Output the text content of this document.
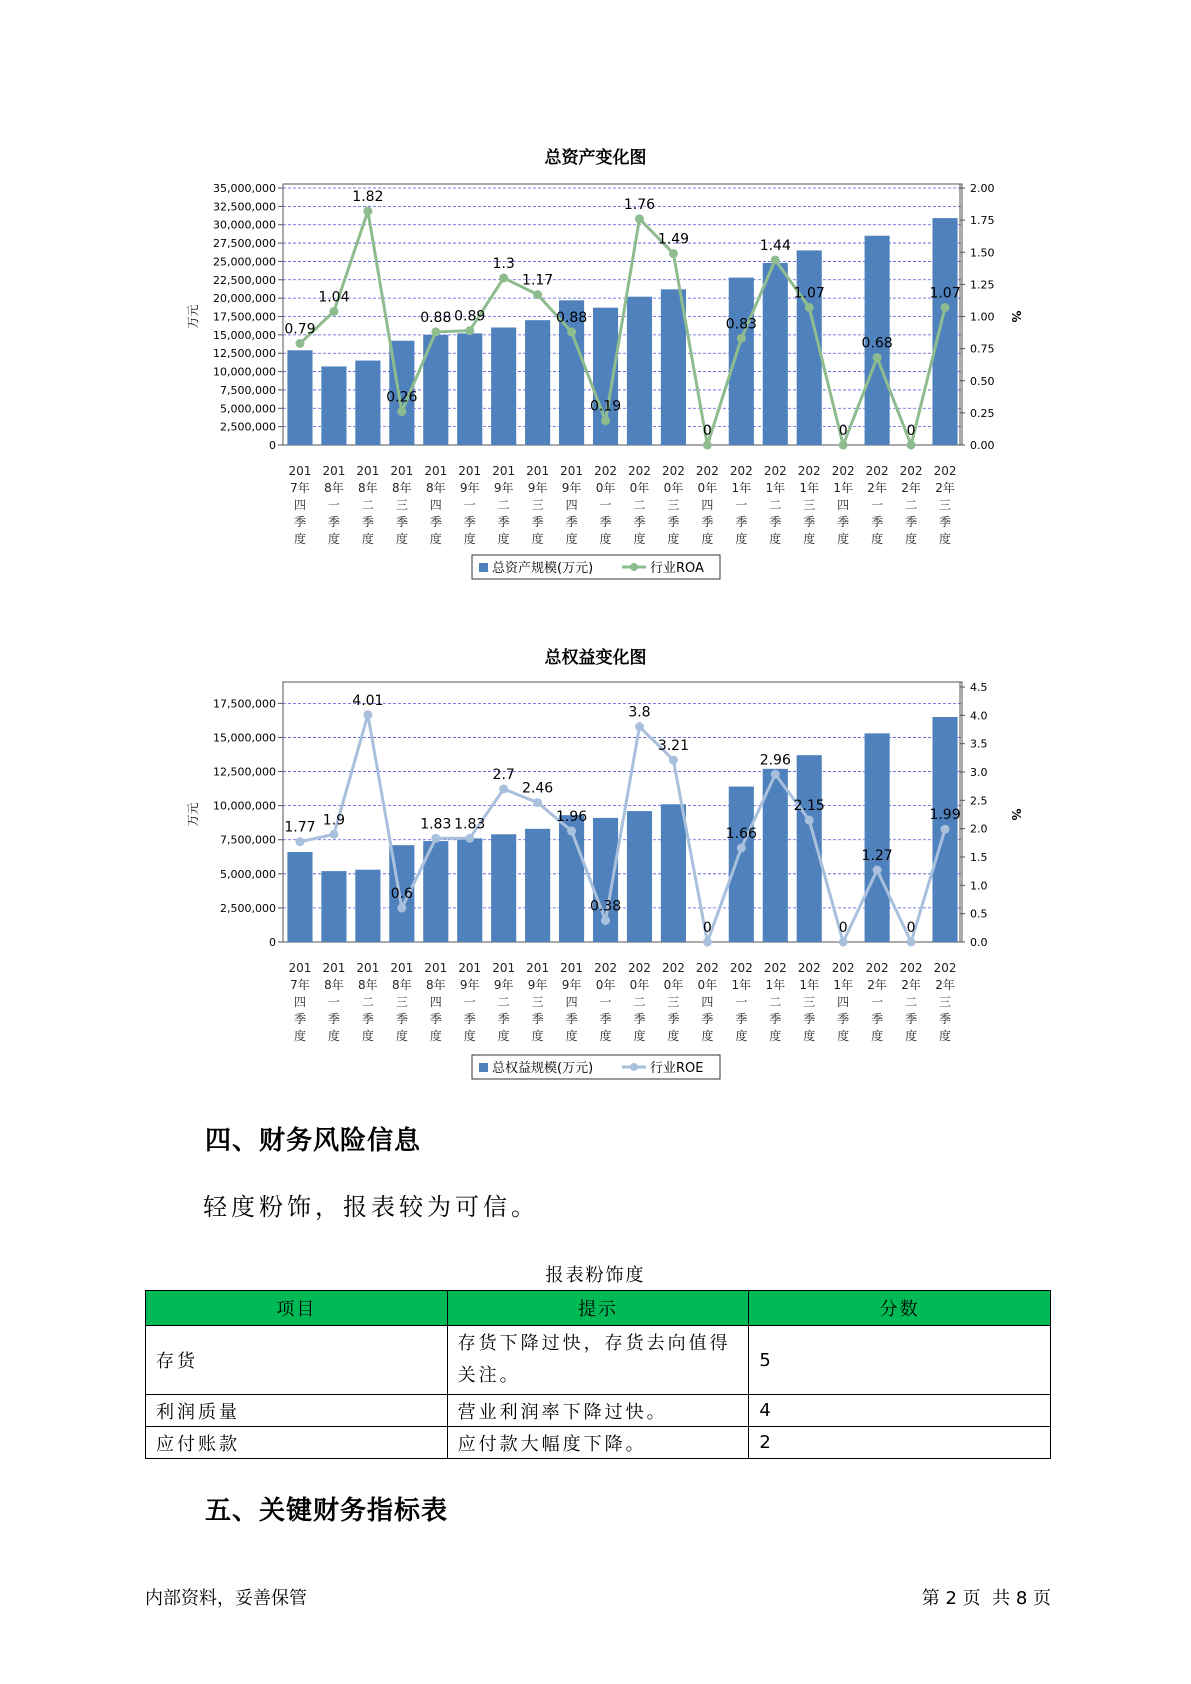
总资产变化图
0
2,500,000
5,000,000
7,500,000
10,000,000
12,500,000
15,000,000
17,500,000
20,000,000
22,500,000
25,000,000
27,500,000
30,000,000
32,500,000
35,000,000
0.00
0.25
0.50
0.75
1.00
1.25
1.50
1.75
2.00
万元	%
0.79
1.04
1.82
0.26
0.88 0.89
1.3
1.17
0.88
0.19
1.76
1.49
0
0.83
1.44
1.07
0
0.68
0
1.07
201
7年
四
季
度
201
8年
一
季
度
201
8年
二
季
度
201
8年
三
季
度
201
8年
四
季
度
201
9年
一
季
度
201
9年
二
季
度
201
9年
三
季
度
201
9年
四
季
度
202
0年
一
季
度
202
0年
二
季
度
202
0年
三
季
度
202
0年
四
季
度
202
1年
一
季
度
202
1年
二
季
度
202
1年
三
季
度
202
1年
四
季
度
202
2年
一
季
度
202
2年
二
季
度
202
2年
三
季
度
总资产规模(万元)	行业ROA
总权益变化图
0
2,500,000
5,000,000
7,500,000
10,000,000
12,500,000
15,000,000
17,500,000
0.0
0.5
1.0
1.5
2.0
2.5
3.0
3.5
4.0
4.5
万元	%
1.77 1.9
4.01
0.6
1.83 1.83
2.7
2.46
1.96
0.38
3.8
3.21
0
1.66
2.96
2.15
0
1.27
0
1.99
201
7年
四
季
度
201
8年
一
季
度
201
8年
二
季
度
201
8年
三
季
度
201
8年
四
季
度
201
9年
一
季
度
201
9年
二
季
度
201
9年
三
季
度
201
9年
四
季
度
202
0年
一
季
度
202
0年
二
季
度
202
0年
三
季
度
202
0年
四
季
度
202
1年
一
季
度
202
1年
二
季
度
202
1年
三
季
度
202
1年
四
季
度
202
2年
一
季
度
202
2年
二
季
度
202
2年
三
季
度
总权益规模(万元)	行业ROE
四、财务风险信息
轻度粉饰，报表较为可信。
报表粉饰度
项目	提示	分数
存货	存货下降过快，存货去向值得关注。	5
利润质量	营业利润率下降过快。	4
应付账款	应付款大幅度下降。	2
五、关键财务指标表
内部资料，妥善保管	第 2 页  共 8 页
